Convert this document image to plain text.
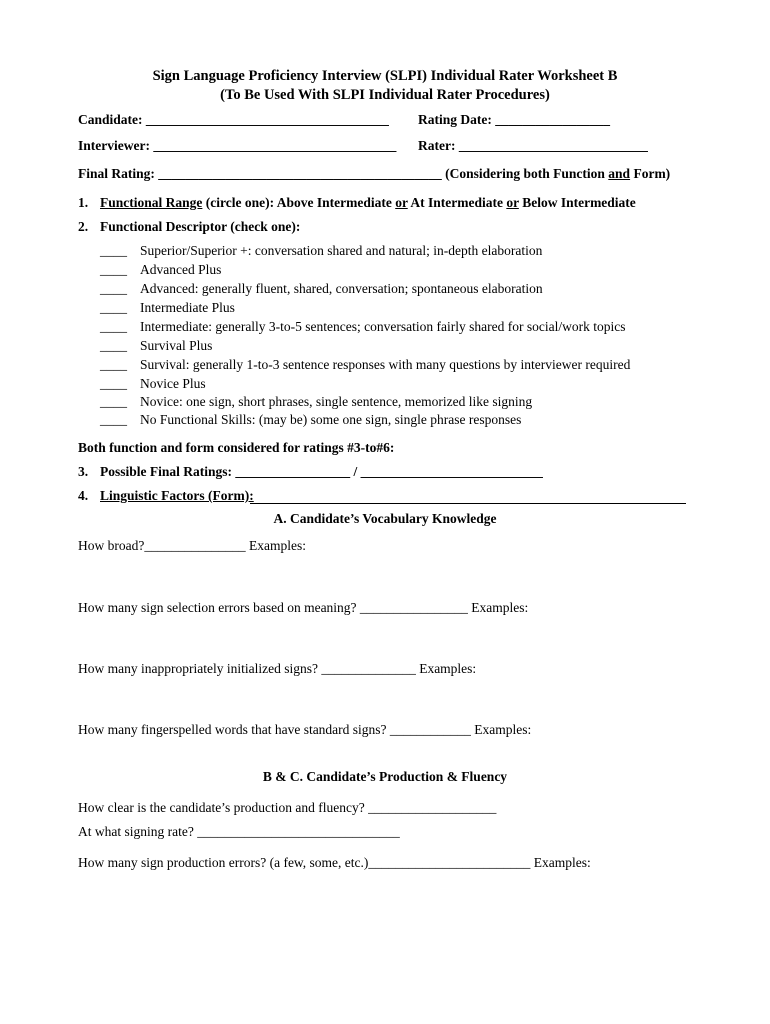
Sign Language Proficiency Interview (SLPI) Individual Rater Worksheet B
(To Be Used With SLPI Individual Rater Procedures)
Candidate: ____________________________________ Rating Date: _________________
Interviewer: ____________________________________ Rater: ____________________________
Final Rating: __________________________________________ (Considering both Function and Form)
1. Functional Range (circle one): Above Intermediate or At Intermediate or Below Intermediate
2. Functional Descriptor (check one):
____ Superior/Superior +: conversation shared and natural; in-depth elaboration
____ Advanced Plus
____ Advanced: generally fluent, shared, conversation; spontaneous elaboration
____ Intermediate Plus
____ Intermediate: generally 3-to-5 sentences; conversation fairly shared for social/work topics
____ Survival Plus
____ Survival: generally 1-to-3 sentence responses with many questions by interviewer required
____ Novice Plus
____ Novice: one sign, short phrases, single sentence, memorized like signing
____ No Functional Skills: (may be) some one sign, single phrase responses
Both function and form considered for ratings #3-to#6:
3. Possible Final Ratings: _________________ / ___________________________
4. Linguistic Factors (Form):
A. Candidate’s Vocabulary Knowledge
How broad?_______________ Examples:
How many sign selection errors based on meaning? ________________ Examples:
How many inappropriately initialized signs? ______________ Examples:
How many fingerspelled words that have standard signs? ____________ Examples:
B & C. Candidate’s Production & Fluency
How clear is the candidate’s production and fluency? ___________________
At what signing rate? ______________________________
How many sign production errors? (a few, some, etc.)________________________ Examples:
